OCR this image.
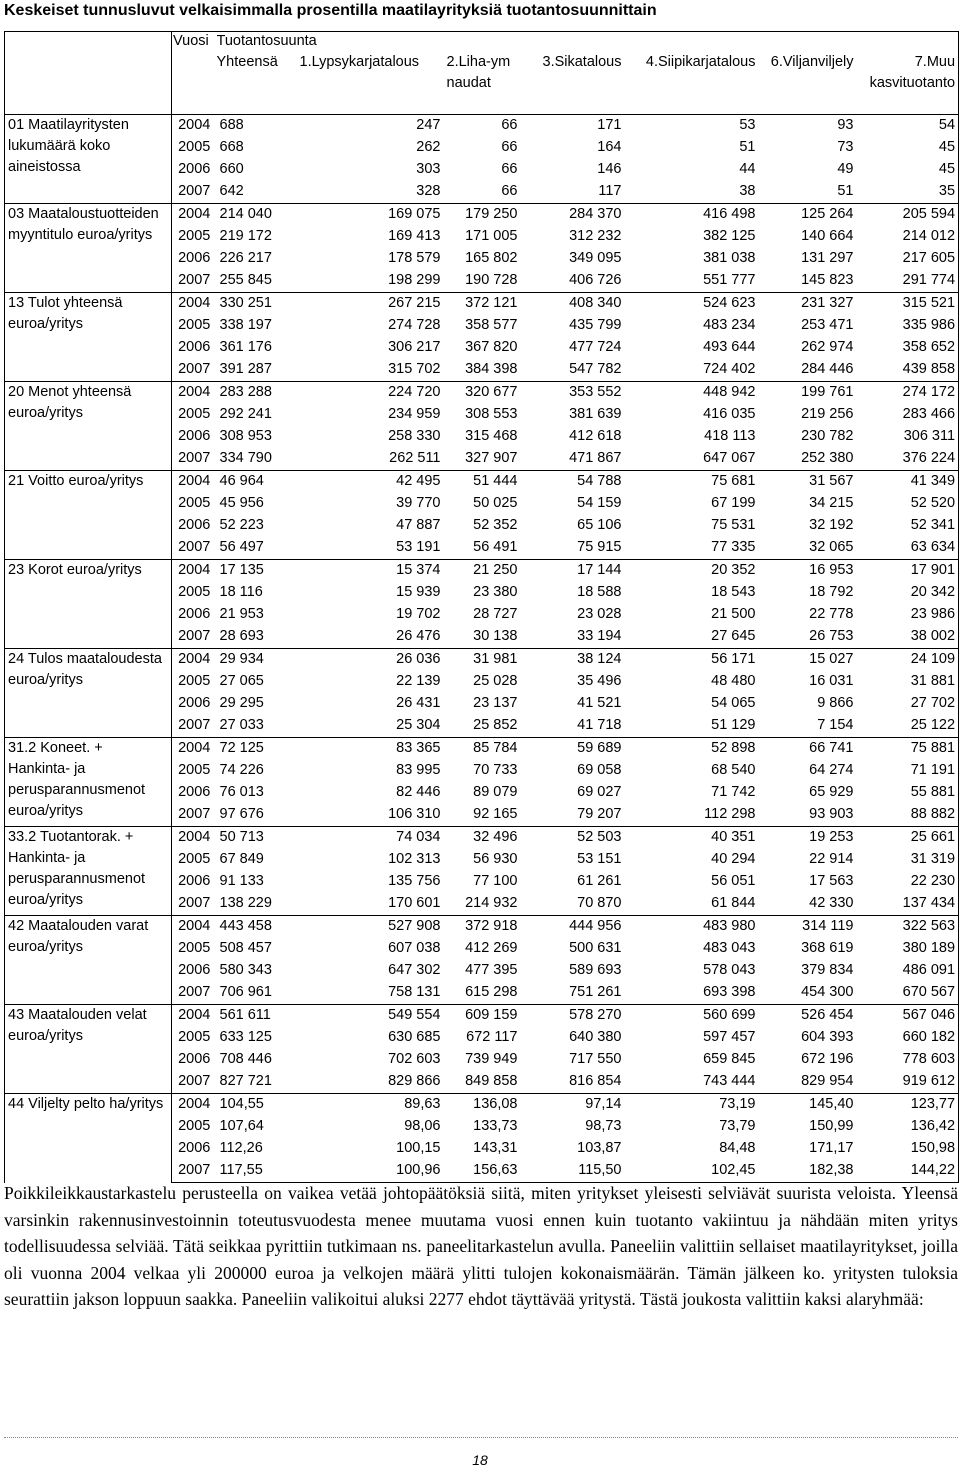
Keskeiset tunnusluvut velkaisimmalla prosentilla maatilayrityksiä tuotantosuunnittain
	Vuosi	Tuotantosuunta						
		Yhteensä	1.Lypsykarjatalous	2.Liha-ym naudat	3.Sikatalous	4.Siipikarjatalous	6.Viljanviljely	7.Muu kasvituotanto
01 Maatilayritysten lukumäärä koko aineistossa	2004	688	247	66	171	53	93	54
	2005	668	262	66	164	51	73	45
	2006	660	303	66	146	44	49	45
	2007	642	328	66	117	38	51	35
03 Maataloustuotteiden myyntitulo euroa/yritys	2004	214 040	169 075	179 250	284 370	416 498	125 264	205 594
	2005	219 172	169 413	171 005	312 232	382 125	140 664	214 012
	2006	226 217	178 579	165 802	349 095	381 038	131 297	217 605
	2007	255 845	198 299	190 728	406 726	551 777	145 823	291 774
13 Tulot yhteensä euroa/yritys	2004	330 251	267 215	372 121	408 340	524 623	231 327	315 521
	2005	338 197	274 728	358 577	435 799	483 234	253 471	335 986
	2006	361 176	306 217	367 820	477 724	493 644	262 974	358 652
	2007	391 287	315 702	384 398	547 782	724 402	284 446	439 858
20 Menot yhteensä euroa/yritys	2004	283 288	224 720	320 677	353 552	448 942	199 761	274 172
	2005	292 241	234 959	308 553	381 639	416 035	219 256	283 466
	2006	308 953	258 330	315 468	412 618	418 113	230 782	306 311
	2007	334 790	262 511	327 907	471 867	647 067	252 380	376 224
21 Voitto euroa/yritys	2004	46 964	42 495	51 444	54 788	75 681	31 567	41 349
	2005	45 956	39 770	50 025	54 159	67 199	34 215	52 520
	2006	52 223	47 887	52 352	65 106	75 531	32 192	52 341
	2007	56 497	53 191	56 491	75 915	77 335	32 065	63 634
23 Korot euroa/yritys	2004	17 135	15 374	21 250	17 144	20 352	16 953	17 901
	2005	18 116	15 939	23 380	18 588	18 543	18 792	20 342
	2006	21 953	19 702	28 727	23 028	21 500	22 778	23 986
	2007	28 693	26 476	30 138	33 194	27 645	26 753	38 002
24 Tulos maataloudesta euroa/yritys	2004	29 934	26 036	31 981	38 124	56 171	15 027	24 109
	2005	27 065	22 139	25 028	35 496	48 480	16 031	31 881
	2006	29 295	26 431	23 137	41 521	54 065	9 866	27 702
	2007	27 033	25 304	25 852	41 718	51 129	7 154	25 122
31.2 Koneet. + Hankinta- ja perusparannusmenot euroa/yritys	2004	72 125	83 365	85 784	59 689	52 898	66 741	75 881
	2005	74 226	83 995	70 733	69 058	68 540	64 274	71 191
	2006	76 013	82 446	89 079	69 027	71 742	65 929	55 881
	2007	97 676	106 310	92 165	79 207	112 298	93 903	88 882
33.2 Tuotantorak. + Hankinta- ja perusparannusmenot euroa/yritys	2004	50 713	74 034	32 496	52 503	40 351	19 253	25 661
	2005	67 849	102 313	56 930	53 151	40 294	22 914	31 319
	2006	91 133	135 756	77 100	61 261	56 051	17 563	22 230
	2007	138 229	170 601	214 932	70 870	61 844	42 330	137 434
42 Maatalouden varat euroa/yritys	2004	443 458	527 908	372 918	444 956	483 980	314 119	322 563
	2005	508 457	607 038	412 269	500 631	483 043	368 619	380 189
	2006	580 343	647 302	477 395	589 693	578 043	379 834	486 091
	2007	706 961	758 131	615 298	751 261	693 398	454 300	670 567
43 Maatalouden velat euroa/yritys	2004	561 611	549 554	609 159	578 270	560 699	526 454	567 046
	2005	633 125	630 685	672 117	640 380	597 457	604 393	660 182
	2006	708 446	702 603	739 949	717 550	659 845	672 196	778 603
	2007	827 721	829 866	849 858	816 854	743 444	829 954	919 612
44 Viljelty pelto ha/yritys	2004	104,55	89,63	136,08	97,14	73,19	145,40	123,77
	2005	107,64	98,06	133,73	98,73	73,79	150,99	136,42
	2006	112,26	100,15	143,31	103,87	84,48	171,17	150,98
	2007	117,55	100,96	156,63	115,50	102,45	182,38	144,22
Poikkileikkaustarkastelu perusteella on vaikea vetää johtopäätöksiä siitä, miten yritykset yleisesti selviävät suurista veloista. Yleensä varsinkin rakennusinvestoinnin toteutusvuodesta menee muutama vuosi ennen kuin tuotanto vakiintuu ja nähdään miten yritys todellisuudessa selviää. Tätä seikkaa pyrittiin tutkimaan ns. paneelitarkastelun avulla. Paneeliin valittiin sellaiset maatilayritykset, joilla oli vuonna 2004 velkaa yli 200000 euroa ja velkojen määrä ylitti tulojen kokonaismäärän. Tämän jälkeen ko. yritysten tuloksia seurattiin jakson loppuun saakka. Paneeliin valikoitui aluksi 2277 ehdot täyttävää yritystä. Tästä joukosta valittiin kaksi alaryhmää:
18
